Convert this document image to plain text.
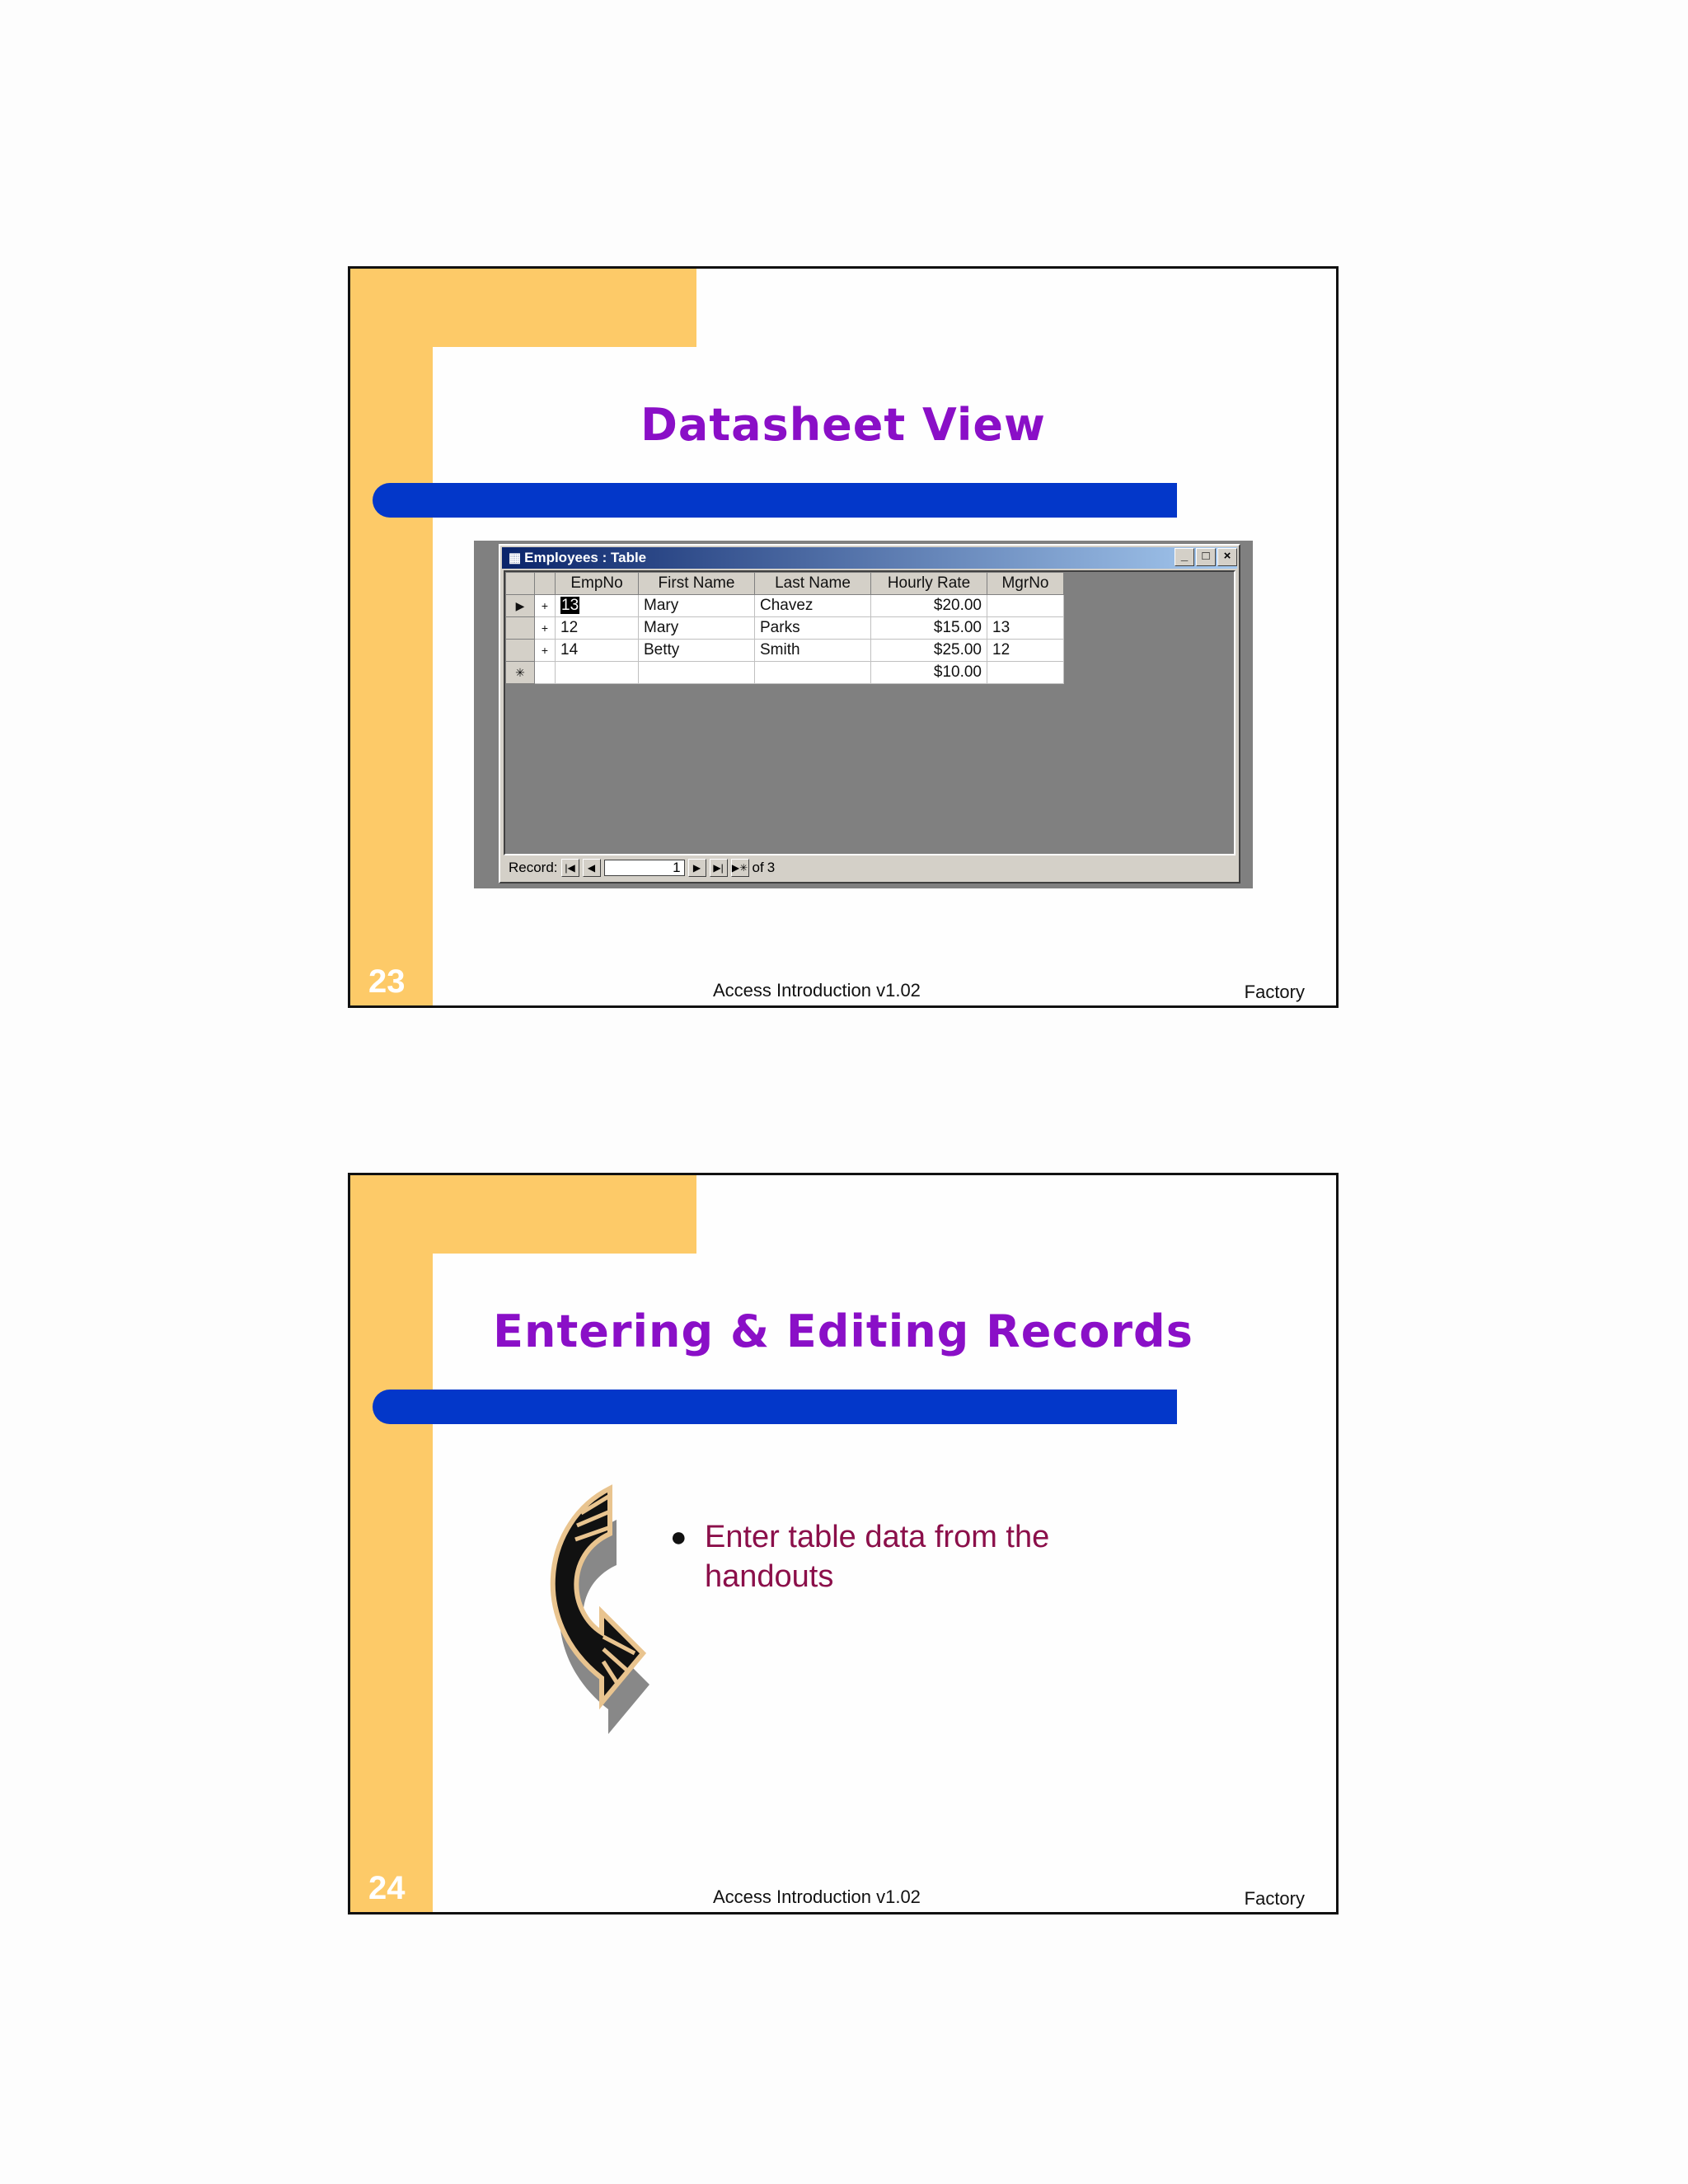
Datasheet View
▦ Employees : Table	_	□	×
		EmpNo	First Name	Last Name	Hourly Rate	MgrNo
▶	+	13	Mary	Chavez	$20.00	
	+	12	Mary	Parks	$15.00	13
	+	14	Betty	Smith	$25.00	12
✳					$10.00	
Record: |◀	◀	1	▶	▶| ▶✳ of 3
23	Access Introduction v1.02	Factory
Entering & Editing Records
● Enter table data from the handouts
24	Access Introduction v1.02	Factory
